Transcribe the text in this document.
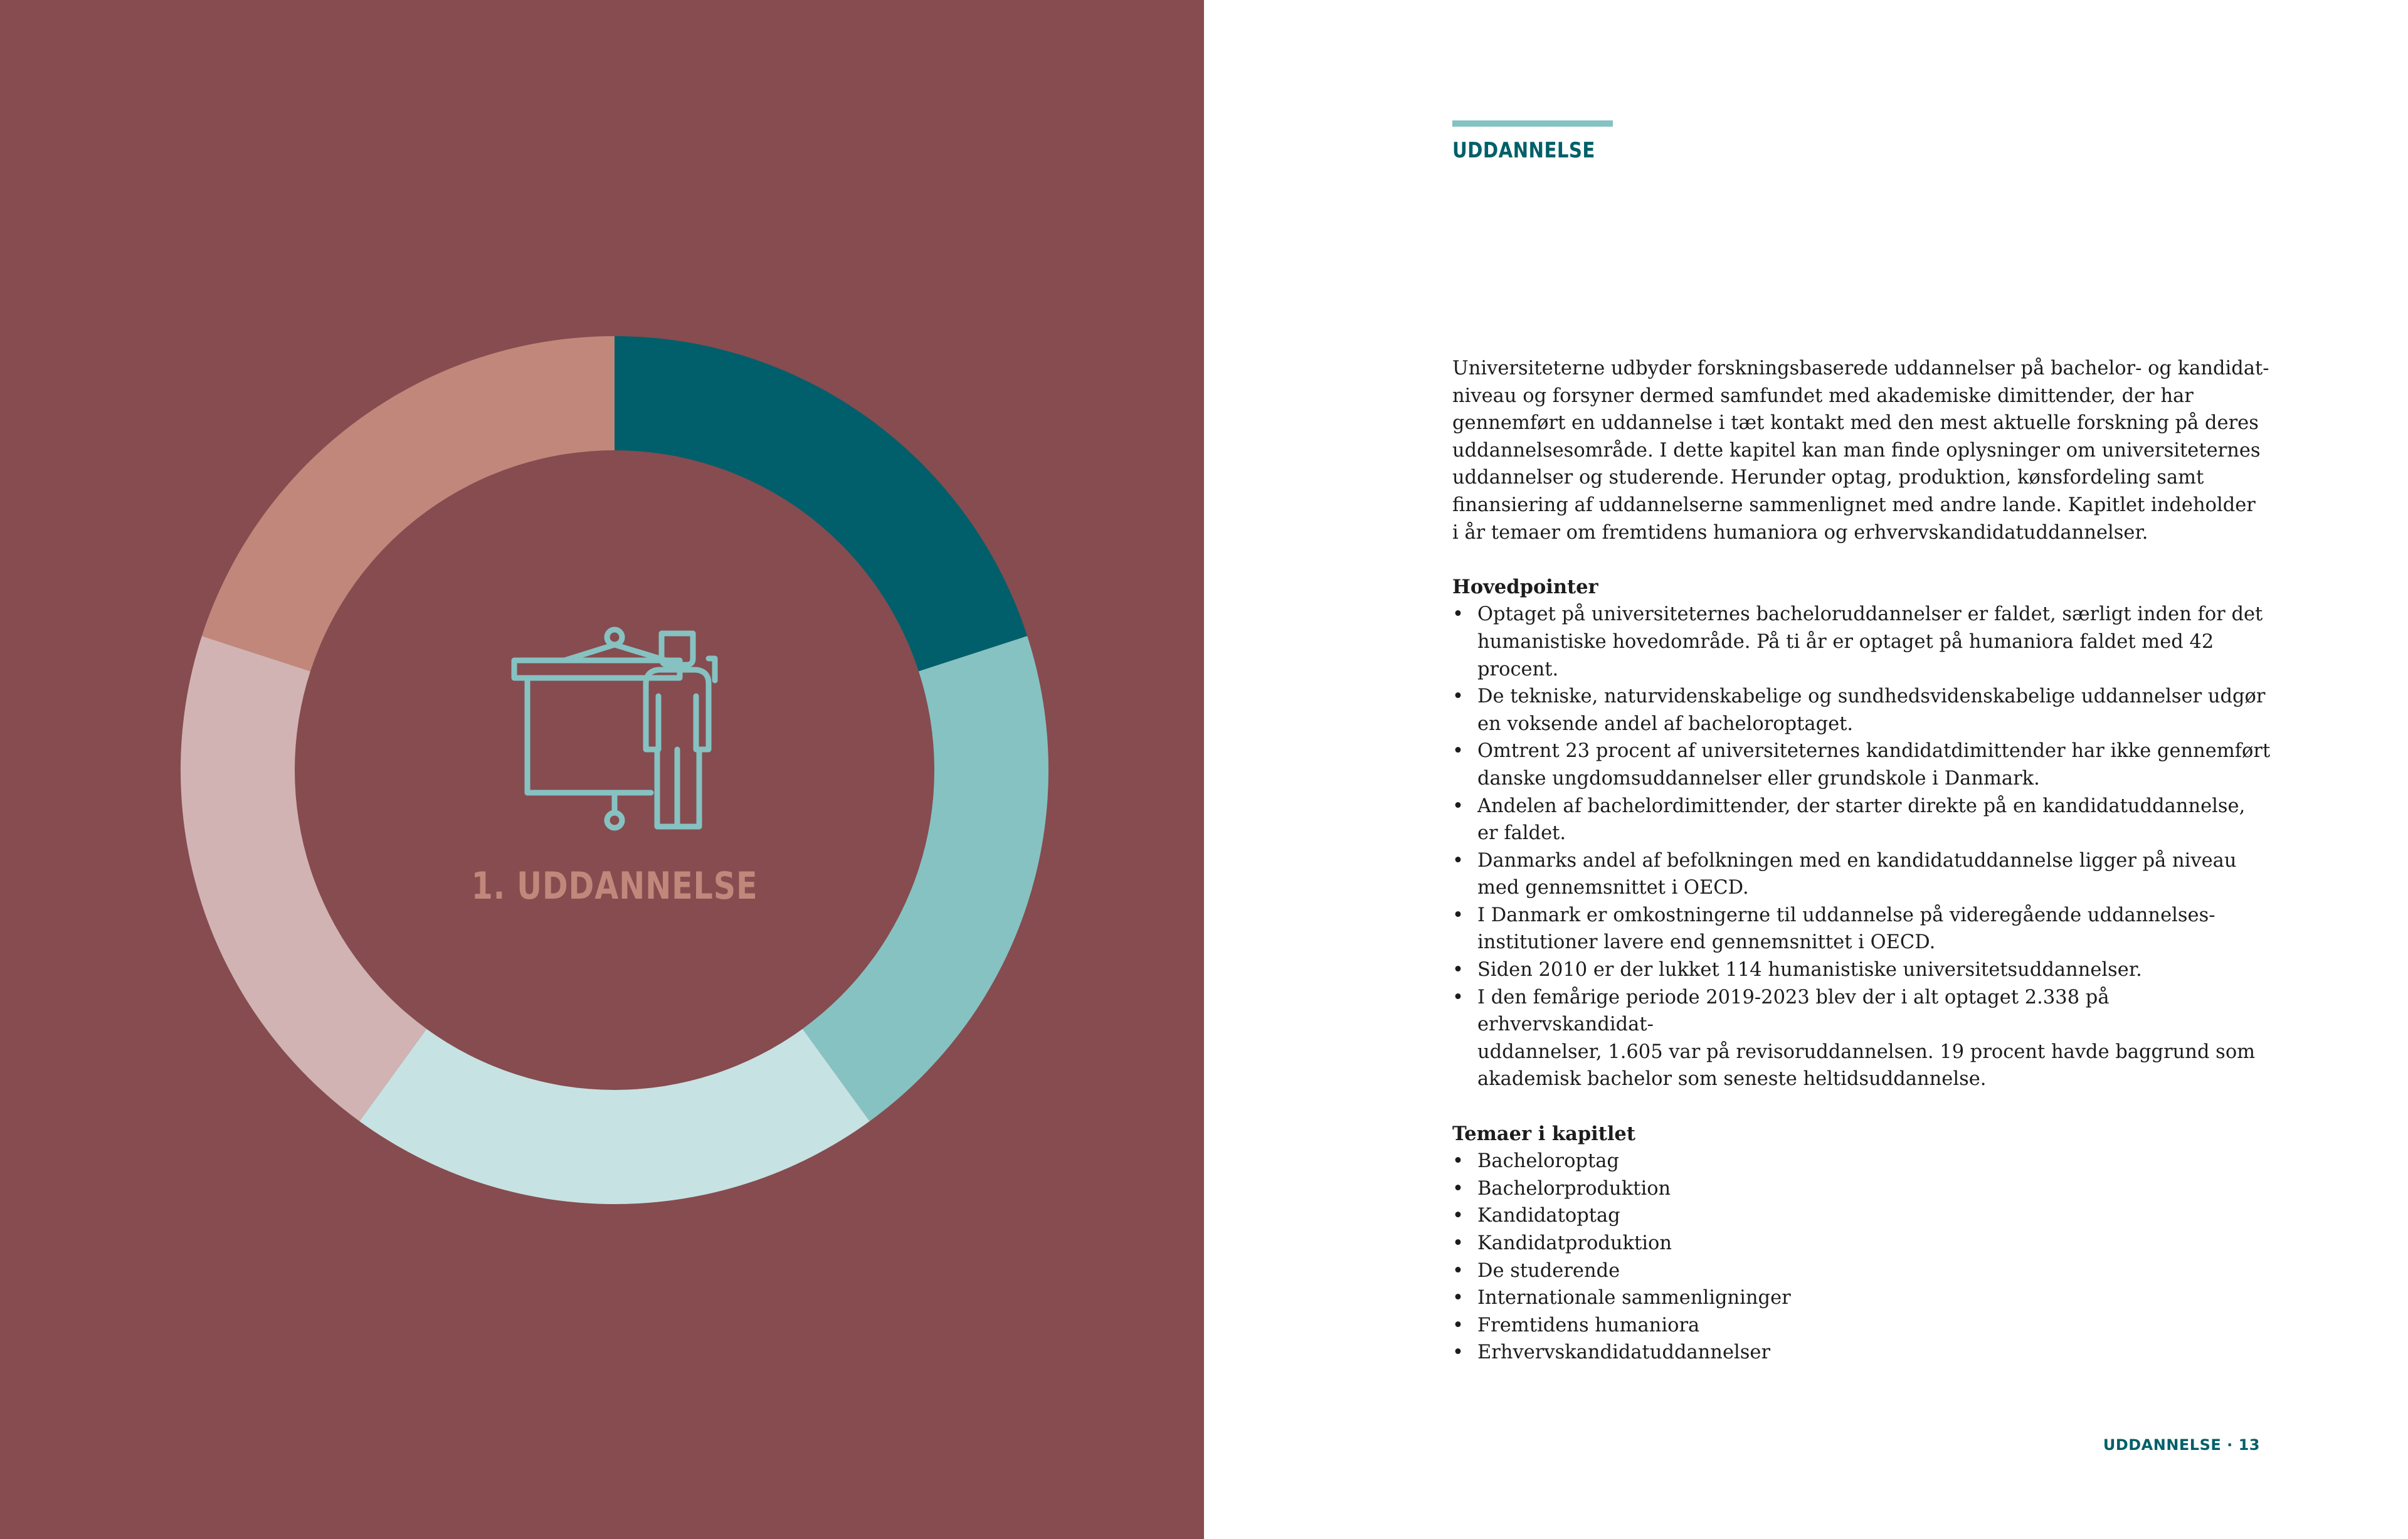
1. UDDANNELSE
UDDANNELSE
Universiteterne udbyder forskningsbaserede uddannelser på bachelor- og kandidat-
niveau og forsyner dermed samfundet med akademiske dimittender, der har
gennemført en uddannelse i tæt kontakt med den mest aktuelle forskning på deres
uddannelsesområde. I dette kapitel kan man finde oplysninger om universiteternes
uddannelser og studerende. Herunder optag, produktion, kønsfordeling samt
finansiering af uddannelserne sammenlignet med andre lande. Kapitlet indeholder
i år temaer om fremtidens humaniora og erhvervskandidatuddannelser.

Hovedpointer

• Optaget på universiteternes bacheloruddannelser er faldet, særligt inden for det
humanistiske hovedområde. På ti år er optaget på humaniora faldet med 42 procent.
• De tekniske, naturvidenskabelige og sundhedsvidenskabelige uddannelser udgør
en voksende andel af bacheloroptaget.
• Omtrent 23 procent af universiteternes kandidatdimittender har ikke gennemført
danske ungdomsuddannelser eller grundskole i Danmark.
• Andelen af bachelordimittender, der starter direkte på en kandidatuddannelse,
er faldet.
• Danmarks andel af befolkningen med en kandidatuddannelse ligger på niveau
med gennemsnittet i OECD.
• I Danmark er omkostningerne til uddannelse på videregående uddannelses-
institutioner lavere end gennemsnittet i OECD.
• Siden 2010 er der lukket 114 humanistiske universitetsuddannelser.
• I den femårige periode 2019-2023 blev der i alt optaget 2.338 på erhvervskandidat-
uddannelser, 1.605 var på revisoruddannelsen. 19 procent havde baggrund som
akademisk bachelor som seneste heltidsuddannelse.

Temaer i kapitlet

• Bacheloroptag
• Bachelorproduktion
• Kandidatoptag
• Kandidatproduktion
• De studerende
• Internationale sammenligninger
• Fremtidens humaniora
• Erhvervskandidatuddannelser
UDDANNELSE · 13
